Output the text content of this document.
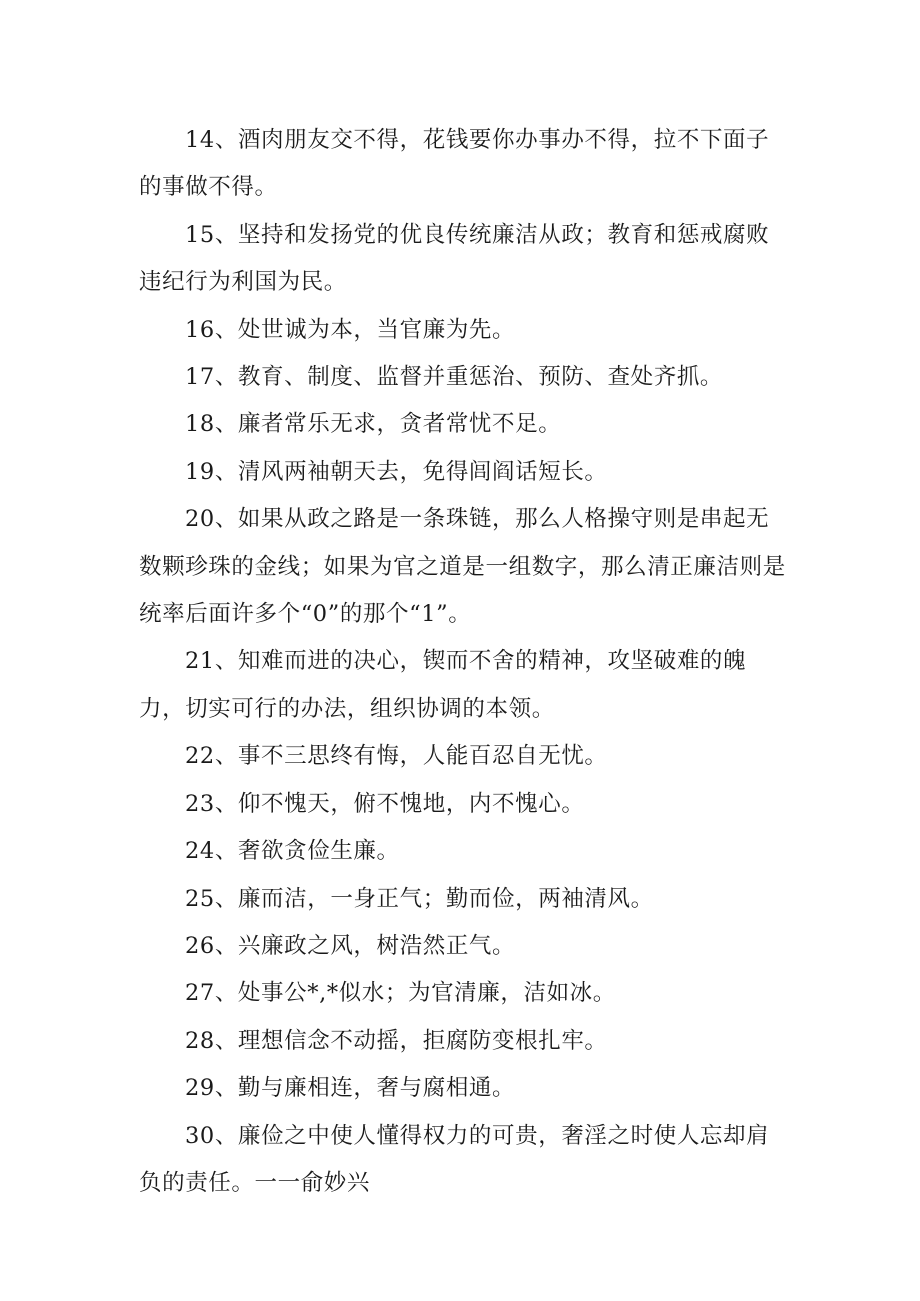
14、酒肉朋友交不得，花钱要你办事办不得，拉不下面子的事做不得。

15、坚持和发扬党的优良传统廉洁从政；教育和惩戒腐败违纪行为利国为民。

16、处世诚为本，当官廉为先。

17、教育、制度、监督并重惩治、预防、查处齐抓。

18、廉者常乐无求，贪者常忧不足。

19、清风两袖朝天去，免得闾阎话短长。

20、如果从政之路是一条珠链，那么人格操守则是串起无数颗珍珠的金线；如果为官之道是一组数字，那么清正廉洁则是统率后面许多个“0”的那个“1”。

21、知难而进的决心，锲而不舍的精神，攻坚破难的魄力，切实可行的办法，组织协调的本领。

22、事不三思终有悔，人能百忍自无忧。

23、仰不愧天，俯不愧地，内不愧心。

24、奢欲贪俭生廉。

25、廉而洁，一身正气；勤而俭，两袖清风。

26、兴廉政之风，树浩然正气。

27、处事公*,*似水；为官清廉，洁如冰。

28、理想信念不动摇，拒腐防变根扎牢。

29、勤与廉相连，奢与腐相通。

30、廉俭之中使人懂得权力的可贵，奢淫之时使人忘却肩负的责任。一一俞妙兴
